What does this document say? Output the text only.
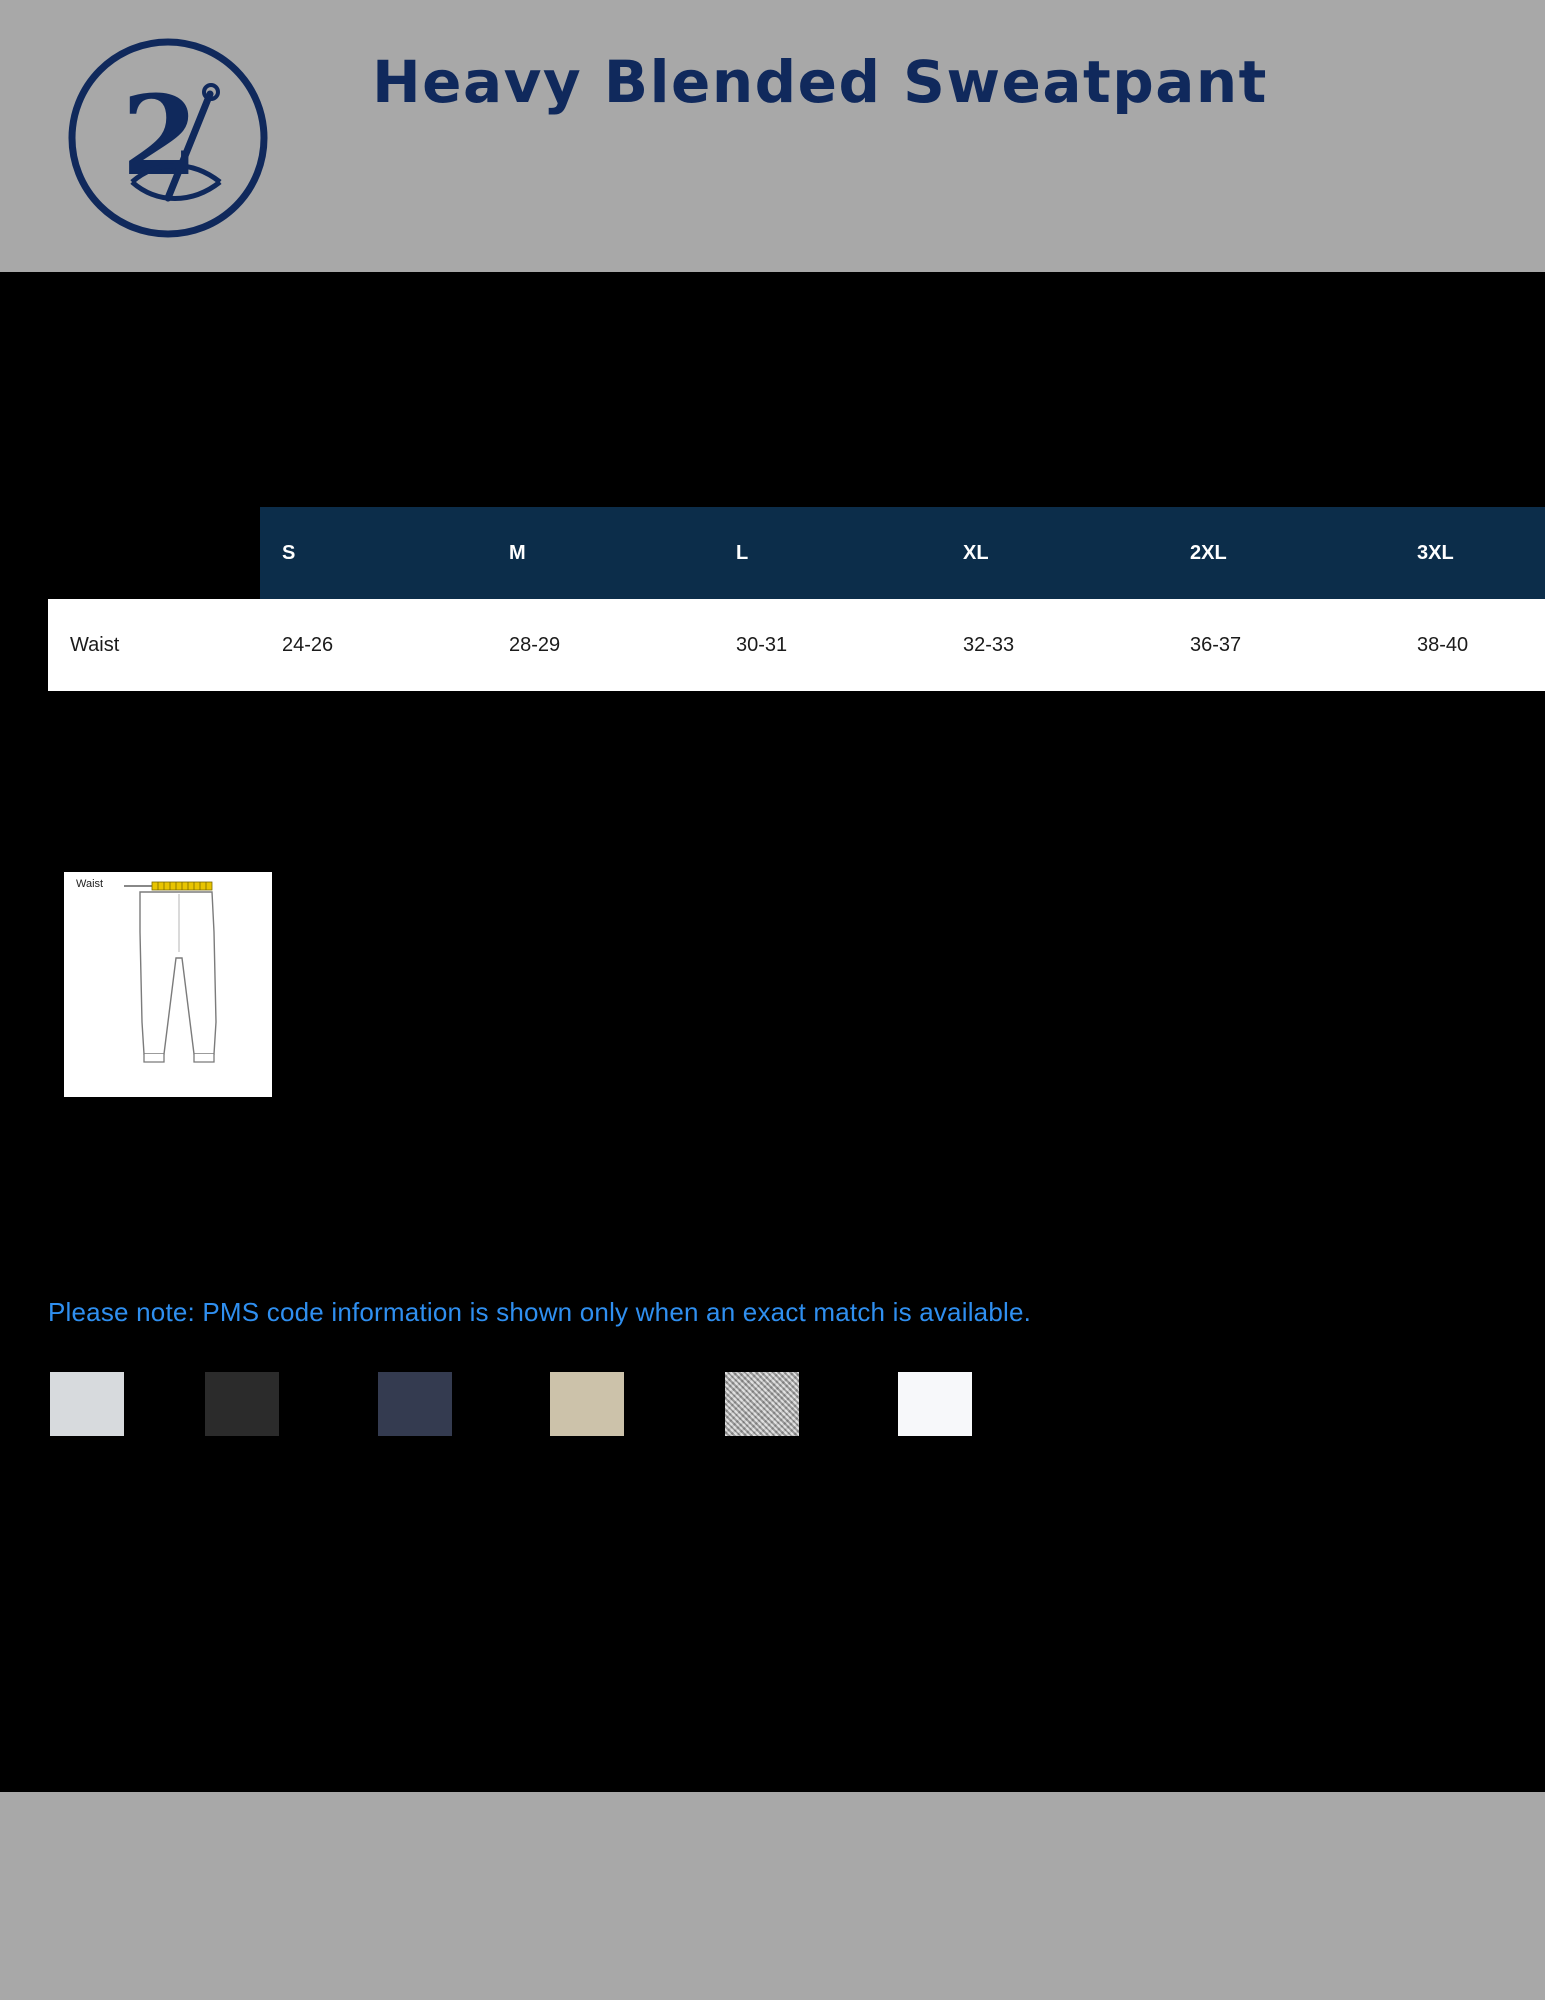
2	Heavy Blended Sweatpant
	S	M	L	XL	2XL	3XL
Waist	24-26	28-29	30-31	32-33	36-37	38-40
Waist
Please note: PMS code information is shown only when an exact match is available.
